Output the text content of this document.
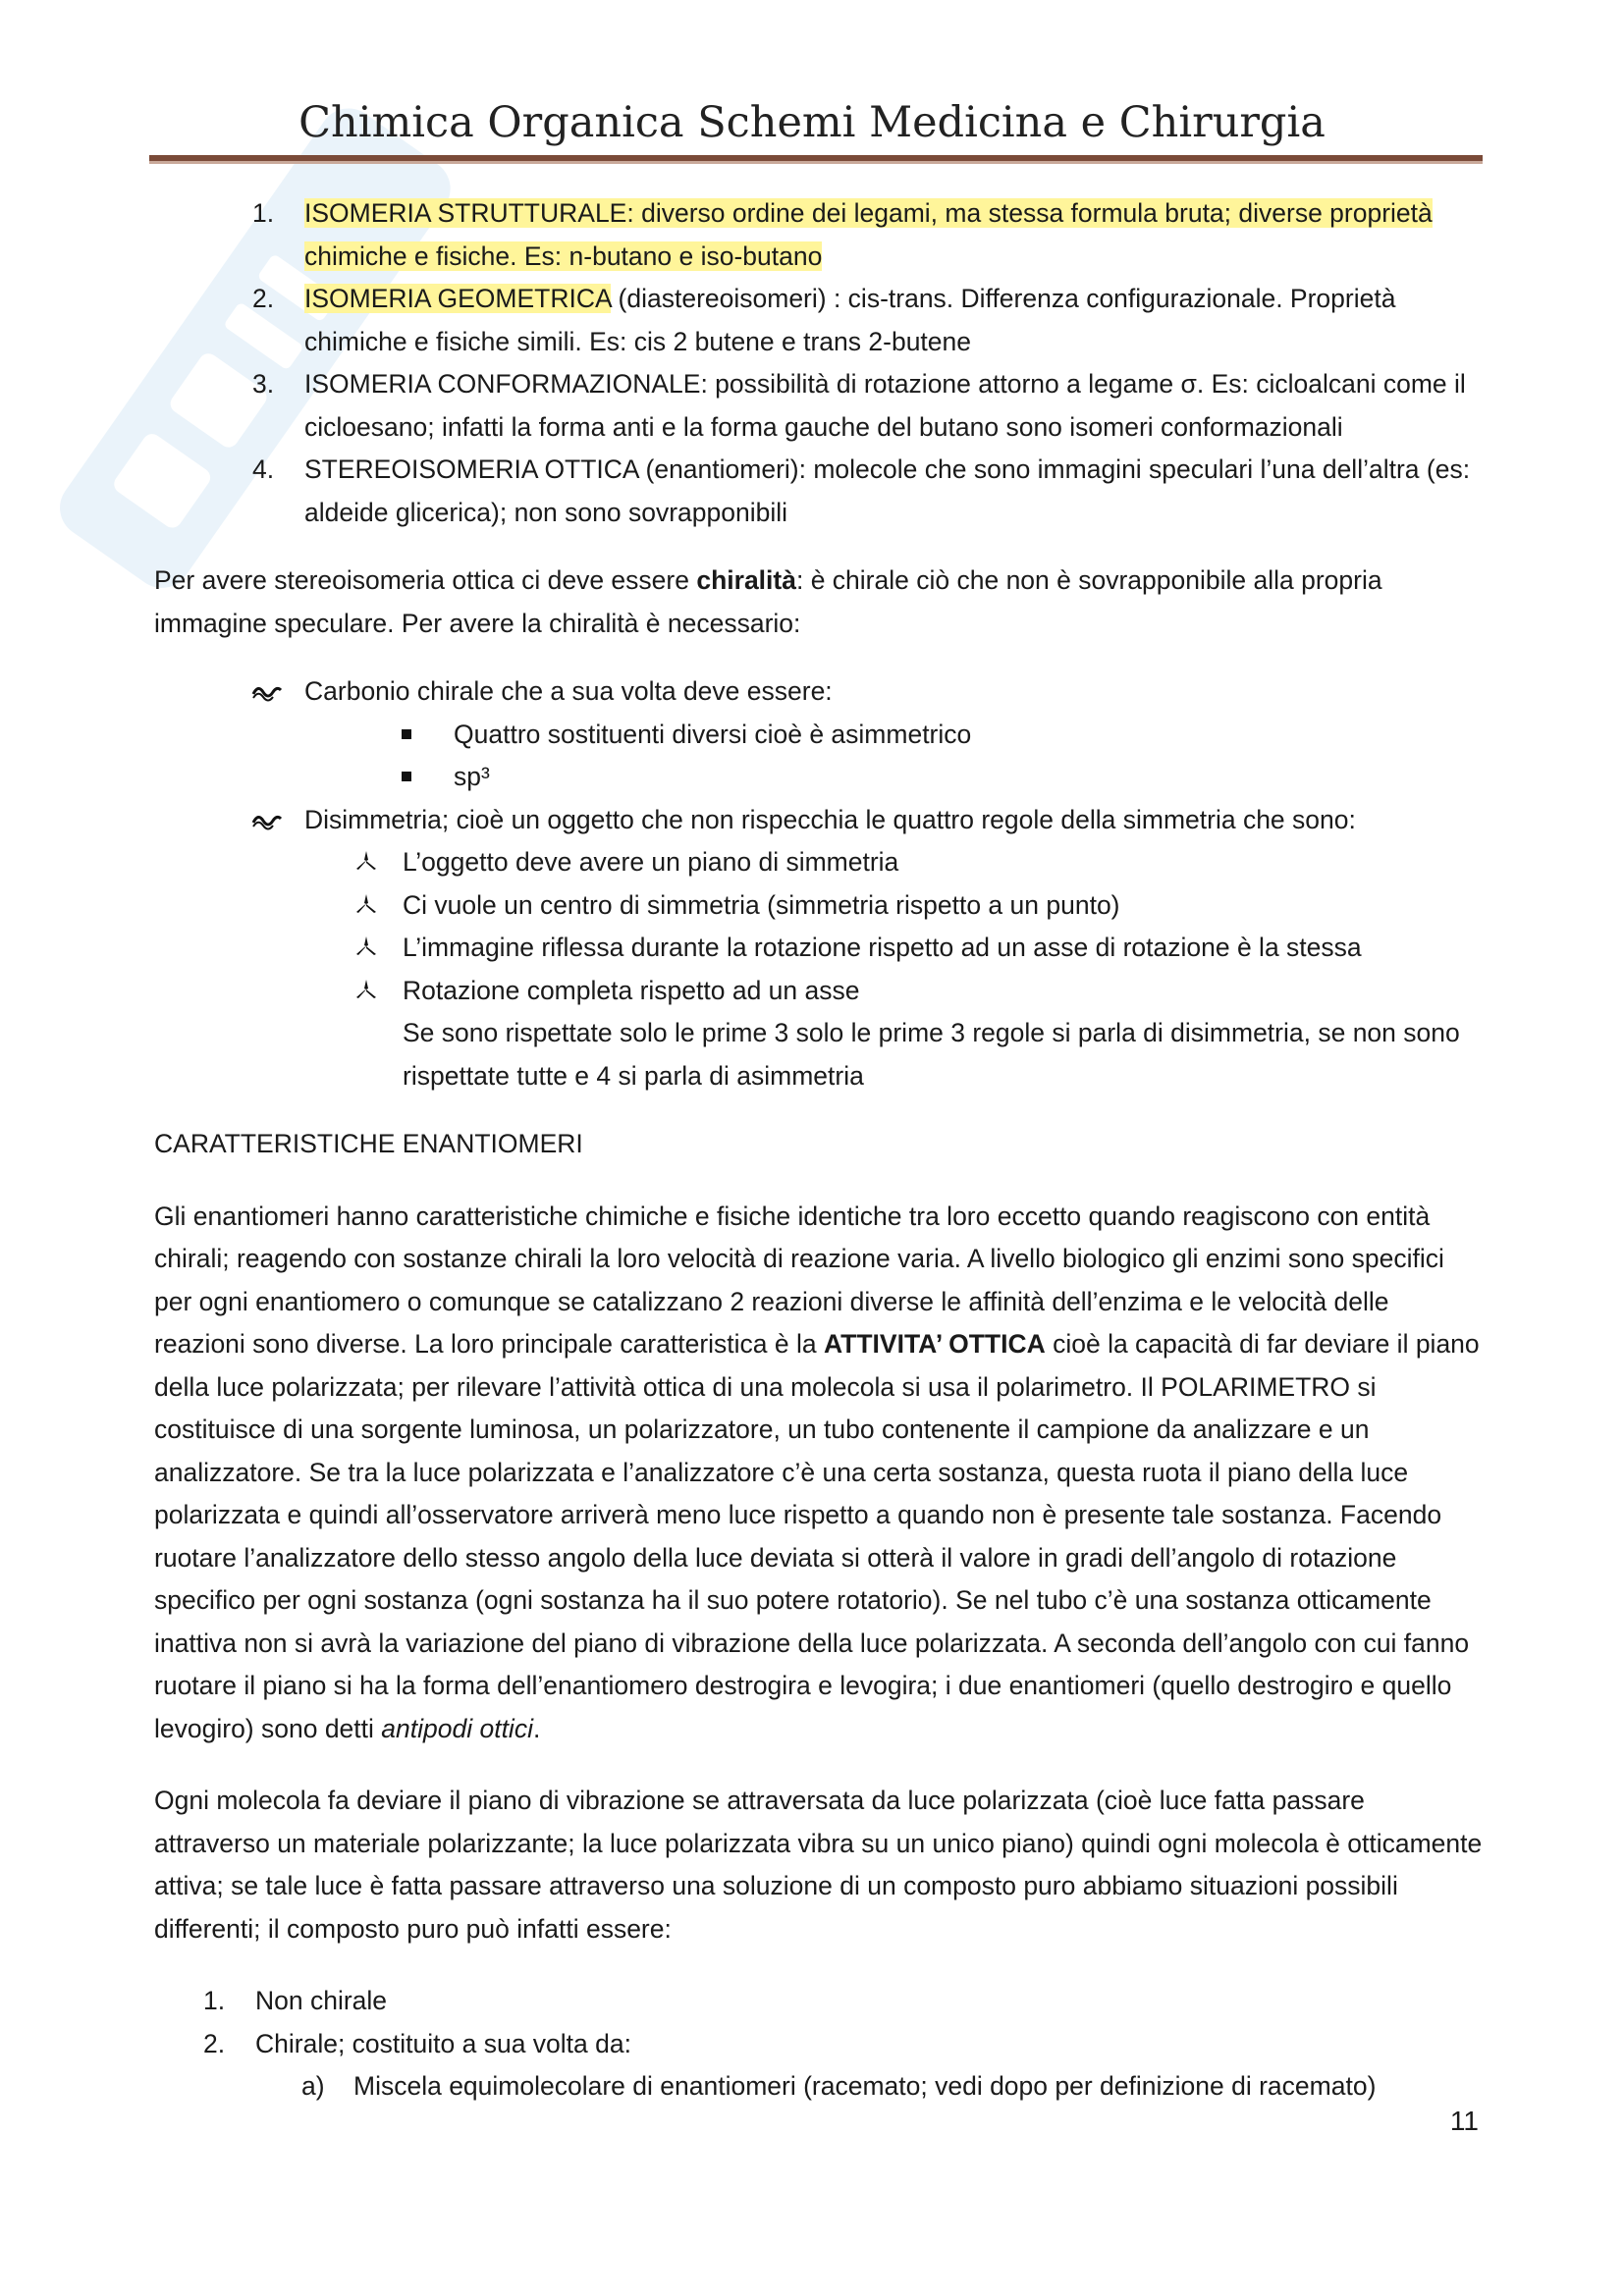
Chimica Organica Schemi Medicina e Chirurgia
1. ISOMERIA STRUTTURALE: diverso ordine dei legami, ma stessa formula bruta; diverse proprietà chimiche e fisiche. Es: n-butano e iso-butano
2. ISOMERIA GEOMETRICA (diastereoisomeri) : cis-trans. Differenza configurazionale. Proprietà chimiche e fisiche simili. Es: cis 2 butene e trans 2-butene
3. ISOMERIA CONFORMAZIONALE: possibilità di rotazione attorno a legame σ. Es: cicloalcani come il cicloesano; infatti la forma anti e la forma gauche del butano sono isomeri conformazionali
4. STEREOISOMERIA OTTICA (enantiomeri): molecole che sono immagini speculari l’una dell’altra (es: aldeide glicerica); non sono sovrapponibili

Per avere stereoisomeria ottica ci deve essere chiralità: è chirale ciò che non è sovrapponibile alla propria immagine speculare. Per avere la chiralità è necessario:

Carbonio chirale che a sua volta deve essere:
Quattro sostituenti diversi cioè è asimmetrico
sp³
Disimmetria; cioè un oggetto che non rispecchia le quattro regole della simmetria che sono:
L’oggetto deve avere un piano di simmetria
Ci vuole un centro di simmetria (simmetria rispetto a un punto)
L’immagine riflessa durante la rotazione rispetto ad un asse di rotazione è la stessa
Rotazione completa rispetto ad un asse
Se sono rispettate solo le prime 3 solo le prime 3 regole si parla di disimmetria, se non sono rispettate tutte e 4 si parla di asimmetria

CARATTERISTICHE ENANTIOMERI

Gli enantiomeri hanno caratteristiche chimiche e fisiche identiche tra loro eccetto quando reagiscono con entità chirali; reagendo con sostanze chirali la loro velocità di reazione varia. A livello biologico gli enzimi sono specifici per ogni enantiomero o comunque se catalizzano 2 reazioni diverse le affinità dell’enzima e le velocità delle reazioni sono diverse. La loro principale caratteristica è la ATTIVITA’ OTTICA cioè la capacità di far deviare il piano della luce polarizzata; per rilevare l’attività ottica di una molecola si usa il polarimetro. Il POLARIMETRO si costituisce di una sorgente luminosa, un polarizzatore, un tubo contenente il campione da analizzare e un analizzatore. Se tra la luce polarizzata e l’analizzatore c’è una certa sostanza, questa ruota il piano della luce polarizzata e quindi all’osservatore arriverà meno luce rispetto a quando non è presente tale sostanza. Facendo ruotare l’analizzatore dello stesso angolo della luce deviata si otterà il valore in gradi dell’angolo di rotazione specifico per ogni sostanza (ogni sostanza ha il suo potere rotatorio). Se nel tubo c’è una sostanza otticamente inattiva non si avrà la variazione del piano di vibrazione della luce polarizzata. A seconda dell’angolo con cui fanno ruotare il piano si ha la forma dell’enantiomero destrogira e levogira; i due enantiomeri (quello destrogiro e quello levogiro) sono detti antipodi ottici.

Ogni molecola fa deviare il piano di vibrazione se attraversata da luce polarizzata (cioè luce fatta passare attraverso un materiale polarizzante; la luce polarizzata vibra su un unico piano) quindi ogni molecola è otticamente attiva; se tale luce è fatta passare attraverso una soluzione di un composto puro abbiamo situazioni possibili differenti; il composto puro può infatti essere:

1. Non chirale
2. Chirale; costituito a sua volta da:
a) Miscela equimolecolare di enantiomeri (racemato; vedi dopo per definizione di racemato)
11
